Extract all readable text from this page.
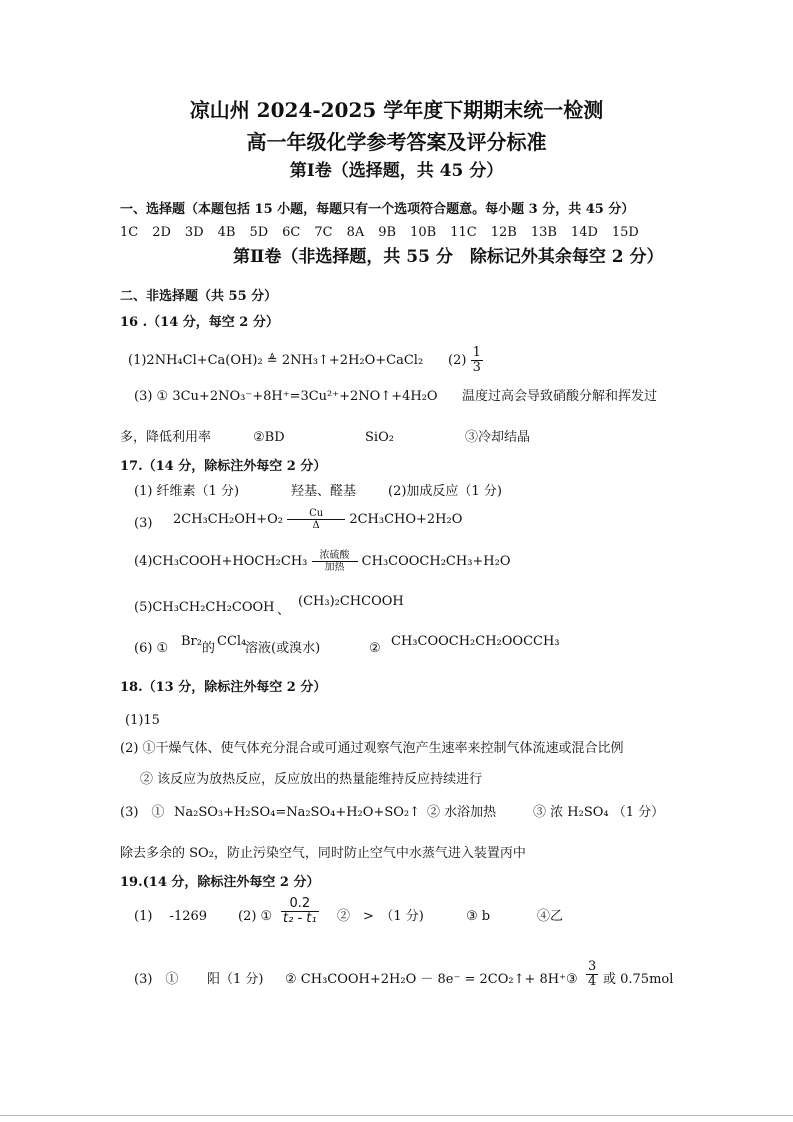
凉山州 2024-2025 学年度下期期末统一检测
高一年级化学参考答案及评分标准
第Ⅰ卷（选择题，共 45 分）
一、选择题（本题包括 15 小题，每题只有一个选项符合题意。每小题 3 分，共 45 分）
1C 2D 3D 4B 5D 6C 7C 8A 9B 10B 11C 12B 13B 14D 15D
第Ⅱ卷（非选择题，共 55 分　除标记外其余每空 2 分）
二、非选择题（共 55 分）
16 .（14 分，每空 2 分）
(1)2NH₄Cl+Ca(OH)₂ ≜ 2NH₃↑+2H₂O+CaCl₂ $(2) \frac{1}{3}$
(3) ① 3Cu+2NO₃⁻+8H⁺=3Cu²⁺+2NO↑+4H₂O 温度过高会导致硝酸分解和挥发过
多，降低利用率	②BD	SiO₂	③冷却结晶
17.（14 分，除标注外每空 2 分）
(1) 纤维素（1 分)	羟基、醛基 (2)加成反应（1 分)
(3) $2CH_3CH_2OH+O_2 \frac{Cu}{\Delta} 2CH_3CHO+2H_2O$
(4)CH₃COOH+HOCH₂CH₃	浓硫酸
加热	CH₃COOCH₂CH₃+H₂O
(5)CH₃CH₂CH₂COOH 、
(CH₃)₂CHCOOH
(6) ① Br₂ 的 CCl₄
溶液(或溴水)	② CH₃COOCH₂CH₂OOCCH₃
18.（13 分，除标注外每空 2 分）
(1)15
(2) ①干燥气体、使气体充分混合或可通过观察气泡产生速率来控制气体流速或混合比例
② 该反应为放热反应，反应放出的热量能维持反应持续进行
(3)　① Na₂SO₃+H₂SO₄=Na₂SO₄+H₂O+SO₂↑ ② 水浴加热	③ 浓 H₂SO₄ （1 分）
除去多余的 SO₂，防止污染空气，同时防止空气中水蒸气进入装置丙中
19.(14 分，除标注外每空 2 分）
(1)　 -1269 (2) ① $\frac{0.2}{\text{t₂ - t₁}}$ ②　>　（1 分)	③ b	④乙
(3)　① 阳（1 分) ② CH₃COOH+2H₂O － 8e⁻ = 2CO₂↑+ 8H⁺ ③ $\frac{3}{4}$ 或 0.75mol
